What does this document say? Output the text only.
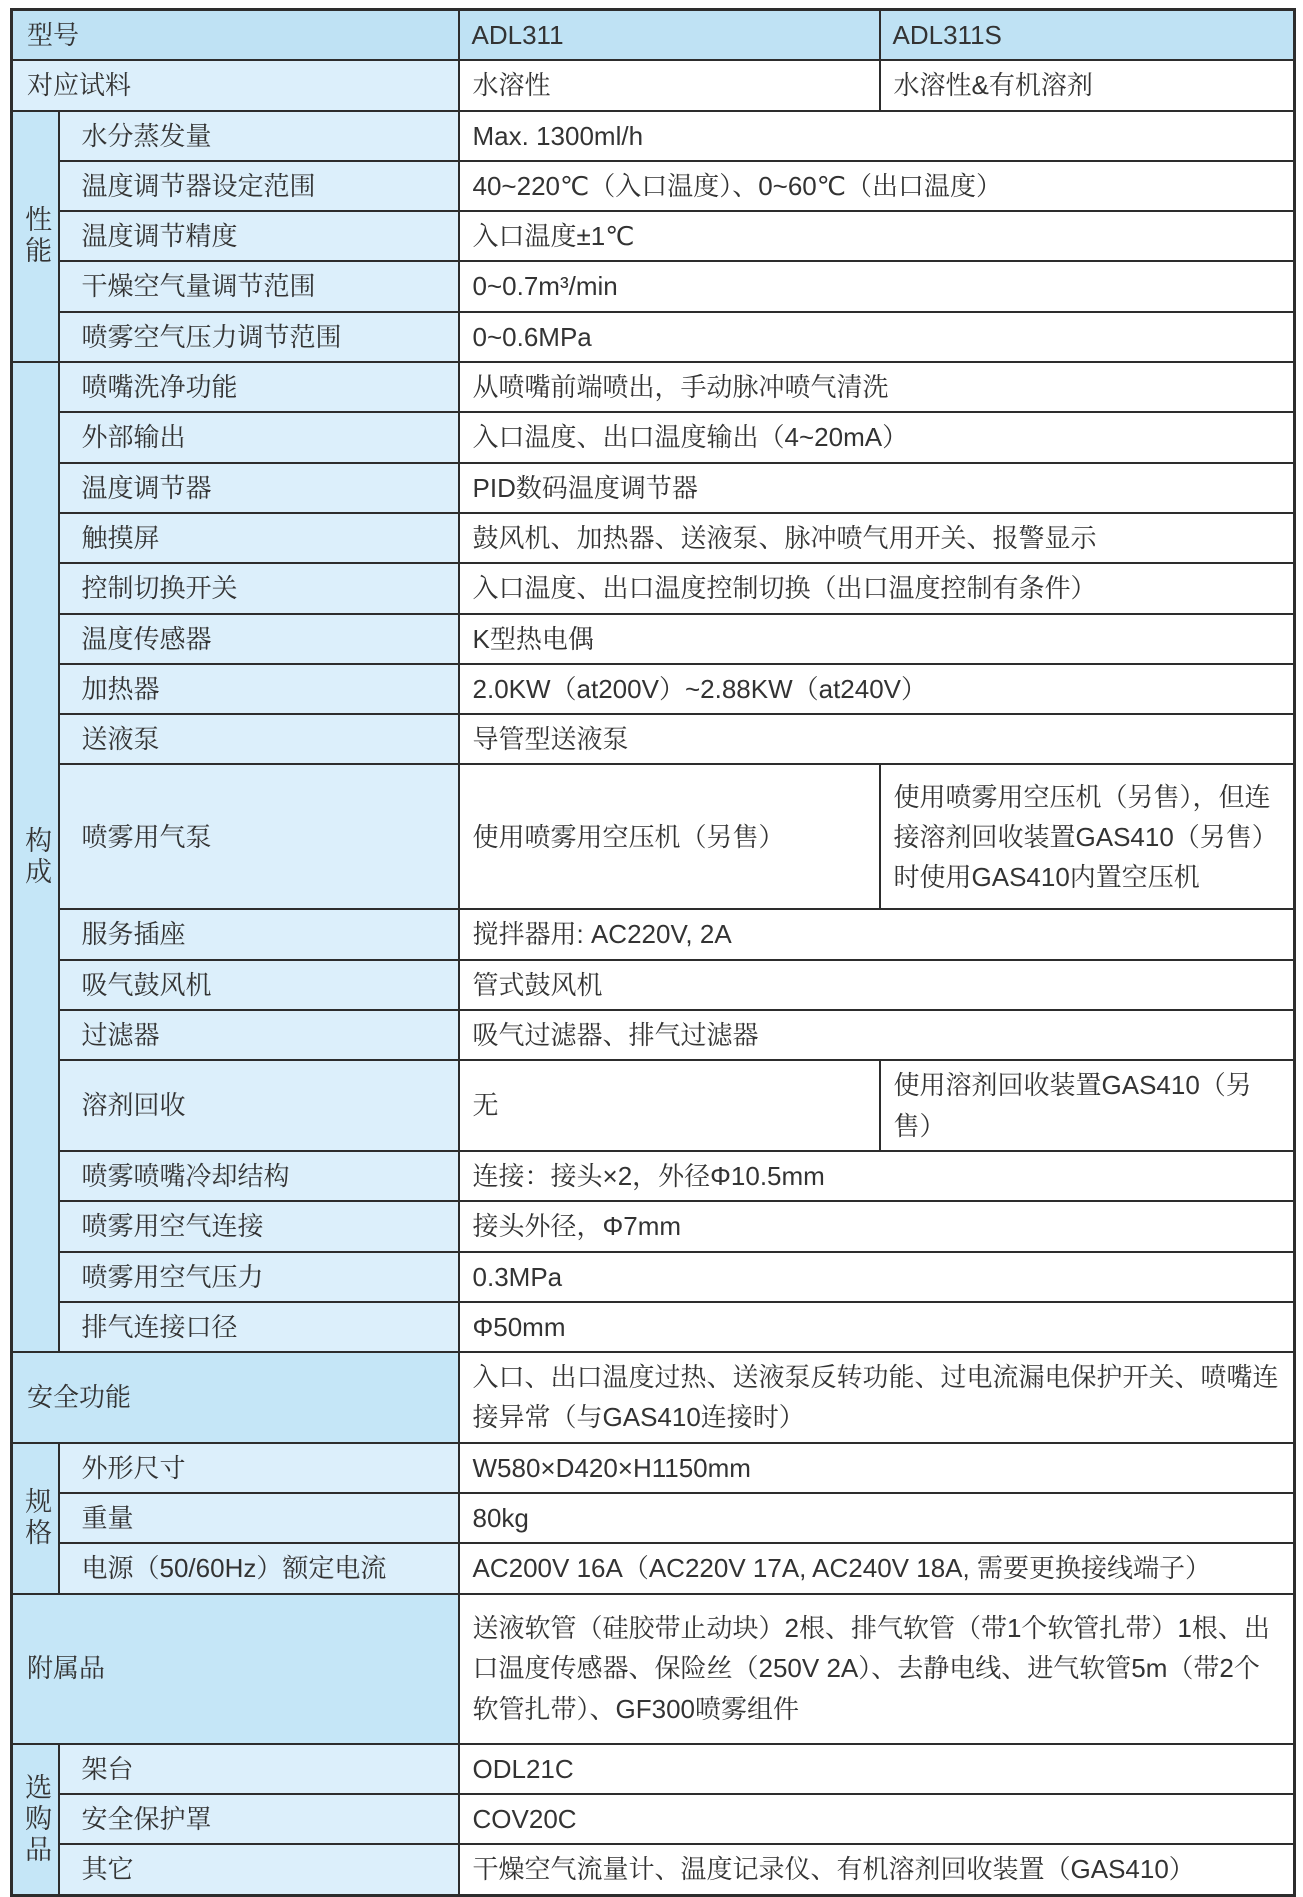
型号		ADL311	ADL311S
对应试料		水溶性	水溶性&有机溶剂
性能	水分蒸发量	Max. 1300ml/h	
	温度调节器设定范围	40~220℃（入口温度）、0~60℃（出口温度）	
	温度调节精度	入口温度±1℃	
	干燥空气量调节范围	0~0.7m³/min	
	喷雾空气压力调节范围	0~0.6MPa	
构成	喷嘴洗净功能	从喷嘴前端喷出，手动脉冲喷气清洗	
	外部输出	入口温度、出口温度输出（4~20mA）	
	温度调节器	PID数码温度调节器	
	触摸屏	鼓风机、加热器、送液泵、脉冲喷气用开关、报警显示	
	控制切换开关	入口温度、出口温度控制切换（出口温度控制有条件）	
	温度传感器	K型热电偶	
	加热器	2.0KW（at200V）~2.88KW（at240V）	
	送液泵	导管型送液泵	
	喷雾用气泵	使用喷雾用空压机（另售）	使用喷雾用空压机（另售），但连接溶剂回收装置GAS410（另售）时使用GAS410内置空压机
	服务插座	搅拌器用: AC220V, 2A	
	吸气鼓风机	管式鼓风机	
	过滤器	吸气过滤器、排气过滤器	
	溶剂回收	无	使用溶剂回收装置GAS410（另售）
	喷雾喷嘴冷却结构	连接：接头×2，外径Φ10.5mm	
	喷雾用空气连接	接头外径，Φ7mm	
	喷雾用空气压力	0.3MPa	
	排气连接口径	Φ50mm	
安全功能		入口、出口温度过热、送液泵反转功能、过电流漏电保护开关、喷嘴连接异常（与GAS410连接时）	
规格	外形尺寸	W580×D420×H1150mm	
	重量	80kg	
	电源（50/60Hz）额定电流	AC200V 16A（AC220V 17A, AC240V 18A, 需要更换接线端子）	
附属品		送液软管（硅胶带止动块）2根、排气软管（带1个软管扎带）1根、出口温度传感器、保险丝（250V 2A）、去静电线、进气软管5m（带2个软管扎带）、GF300喷雾组件	
选购品	架台	ODL21C	
	安全保护罩	COV20C	
	其它	干燥空气流量计、温度记录仪、有机溶剂回收装置（GAS410）	
